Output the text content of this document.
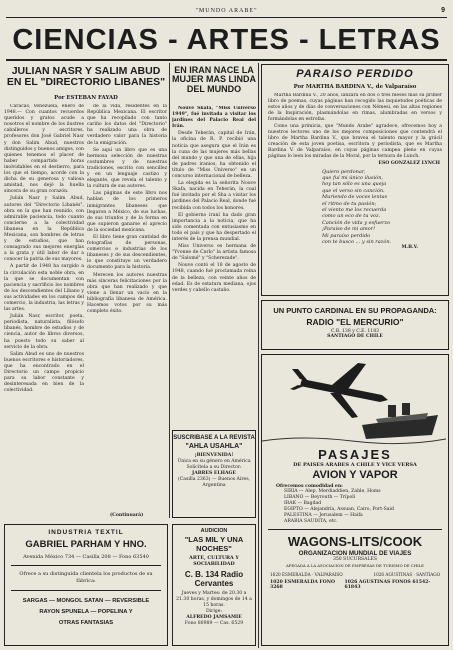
"MUNDO ARABE"	9
CIENCIAS - ARTES - LETRAS
JULIAN NASR Y SALIM ABUD EN EL "DIRECTORIO LIBANES"
Por ESTEBAN FAYAD

Caracas, Venezuela, enero de 1948.— Con cuantos recuerdos queridos y gratos acude a nosotros el nombre de los ilustres caballeros y escritores, profesores don José Gabriel Nasr y don Salim Abud, nuestros distinguidos y buenos amigos, con quienes tenemos el placer de haber compartido horas inolvidables en el destierro, para los que el tiempo, acorde con la dicha de su generosa y valiosa amistad, nos dejó la huella sincera de su gran corazón.

Julián Nasr y Salim Abud, autores del "Directorio Libanés", obra en la que han reunido, con admirable paciencia, todo cuanto concierne a la colectividad libanesa en la República Mexicana, son hombres de letras y de estudios, que han consagrado sus mejores energías a la grata y útil labor de dar a conocer la patria de sus mayores.

A partir de 1948 ha surgido a la circulación esta noble obra, en la que se documentan con paciencia y sacrificio los nombres de los descendientes del Líbano y sus actividades en los campos del comercio, la industria, las letras y las artes.

Julián Nasr, escritor, poeta, periodista, naturalista, filósofo libanés, hombre de estudios y de ciencia, autor de libros diversos, ha puesto todo su saber al servicio de la obra.

Salim Abud es uno de nuestros buenos escritores e historiadores, que ha encontrado en el Directorio un campo propicio para su labor constante y desinteresada en bien de la colectividad.

de la vida, residentes en la República Mexicana. El escritor que ha recopilado con tanto cariño los datos del "Directorio" ha realizado una obra de verdadero valor para la historia de la emigración.

Se aquí un libro que es una hermosa selección de nuestras costumbres y de nuestras tradiciones, escrito con sencillez y en un lenguaje castizo y elegante, que revela el talento y la cultura de sus autores.

Las páginas de este libro nos hablan de los primeros inmigrantes libaneses que llegaron a México, de sus luchas, de sus triunfos y de la forma en que supieron ganarse el aprecio de la sociedad mexicana.

El libro tiene gran cantidad de fotografías de personas, comercios e industrias de los libaneses y de sus descendientes, lo que constituye un verdadero documento para la historia.

Merecen los autores nuestras más sinceras felicitaciones por la obra que han realizado y que viene a llenar un vacío en la bibliografía libanesa de América. Hacemos votos por su más completo éxito.

(Continuará)
INDUSTRIA TEXTIL
GABRIEL PARHAM Y HNO.
Avenida México 734 — Casilla 208 — Fono 63540
Ofrece a su distinguida clientela los productos de su fábrica:
SARGAS — MONGOL SATAN — REVERSIBLE
RAYON SPUNELA — POPELINA Y
OTRAS FANTASIAS
EN IRAN NACE LA MUJER MAS LINDA DEL MUNDO

Nouve Skafa, "Miss Universo 1949", fué invitada a visitar los jardines del Palacio Real del Irán.

Desde Teherán, capital de Irán, la oficina de R. P. recibió una noticia que asegura que el Irán es la cuna de las mujeres más bellas del mundo y que una de ellas, hija de padres iranios, ha obtenido el título de "Miss Universo" en un concurso internacional de belleza.

La elegida es la señorita Nouve Skafa, nacida en Teherán, la cual fué invitada por el Sha a visitar los jardines del Palacio Real, donde fué recibida con todos los honores.

El gobierno iraní ha dado gran importancia a la noticia, que ha sido comentada con entusiasmo en todo el país y que ha despertado el interés de la prensa mundial.

Miss Universo es hermana de "Yvonne de Carlo" la artista famosa de "Salomé" y "Scherezade".

Nouve contó el 18 de agosto de 1948, cuando fué proclamada reina de la belleza, con veinte años de edad. Es de estatura mediana, ojos verdes y cabello castaño.

SUSCRIBASE A LA REVISTA
"AHLA USAHLA"
¡BIENVENIDA!
Única en su género en América
Solicítela a su Director:
JABRES ELHAGE
(Casilla 2363) — Buenos Aires, Argentina
AUDICION
"LAS MIL Y UNA NOCHES"
ARTE, CULTURA Y SOCIABILIDAD
C. B. 134 Radio Cervantes
Jueves y Martes: de 20.30 a 21.30 horas, y domingos de 14 a 15 horas.
Dirige:
ALFREDO JAMSAMIE
Fono 80989 — Cas. 6529
PARAISO PERDIDO
Por MARTHA BARDINA V., de Valparaíso

Martha Bardina V., 20 años, lanzará en dos o tres meses más su primer libro de poemas, cuyas páginas han recogido las inquietudes poéticas de estos años y de días de conversaciones con Némesi, en las altas regiones de la Inspiración, plasmándolas en rimas, alumbradas en versos y formándolas en estrofas.

Como una primicia, que "Mundo Arabe" agradece, ofrecemos hoy a nuestros lectores uno de los mejores composiciones que contendrá el libro de Martha Bardina V., que bravea el talento mayor y la grácil creación de esta joven poetisa, escritora y periodista, que es Martha Bardina V. de Valparaíso, en cuyas páginas campea pleno en cuyas páginas lo leen los miradas de la Moral, por la ternura de Lunch.

ESO GONZALEZ LYNCH
Quiero perdonar,
que fuí mi único ilusión,
hoy tan sólo es una queja
que el verso sin canción.
Muriendo de voces lentas
el ritmo de tu pasión;
el viento me los recuerda
como un eco de tu voz.
Canción de vida y esfuerzo
¡Paraíso de mi amor!
Mi paraíso perdido
con te busco ... y sin razón.
M.B.V.
UN PUNTO CARDINAL EN SU PROPAGANDA:
RADIO "EL MERCURIO"
C.B. 138 y C.E. 1183
SANTIAGO DE CHILE
PASAJES
DE PAISES ARABES A CHILE Y VICE VERSA
AVION Y VAPOR
Ofrecemos comodidad en:
SIRIA — Alep, Merdiaddien, Zahle, Homs
LIBANO — Beyrouth — Trípoli
IRAK — Bagdad
EGIPTO — Alejandría, Assuan, Cairo, Port-Said
PALESTINA — Jerusalem — Haifa
ARABIA SAUDITA, etc.
WAGONS-LITS/COOK
ORGANIZACION MUNDIAL DE VIAJES
350 SUCURSALES
APEGADA A LA ASOCIACION DE EMPRESAS DE TURISMO DE CHILE
1620 ESMERALDA · VALPARAISO	1026 AGUSTINAS · SANTIAGO
1020 ESMERALDA FONO 3268
1026 AGUSTINAS FONOS 61542-61843
